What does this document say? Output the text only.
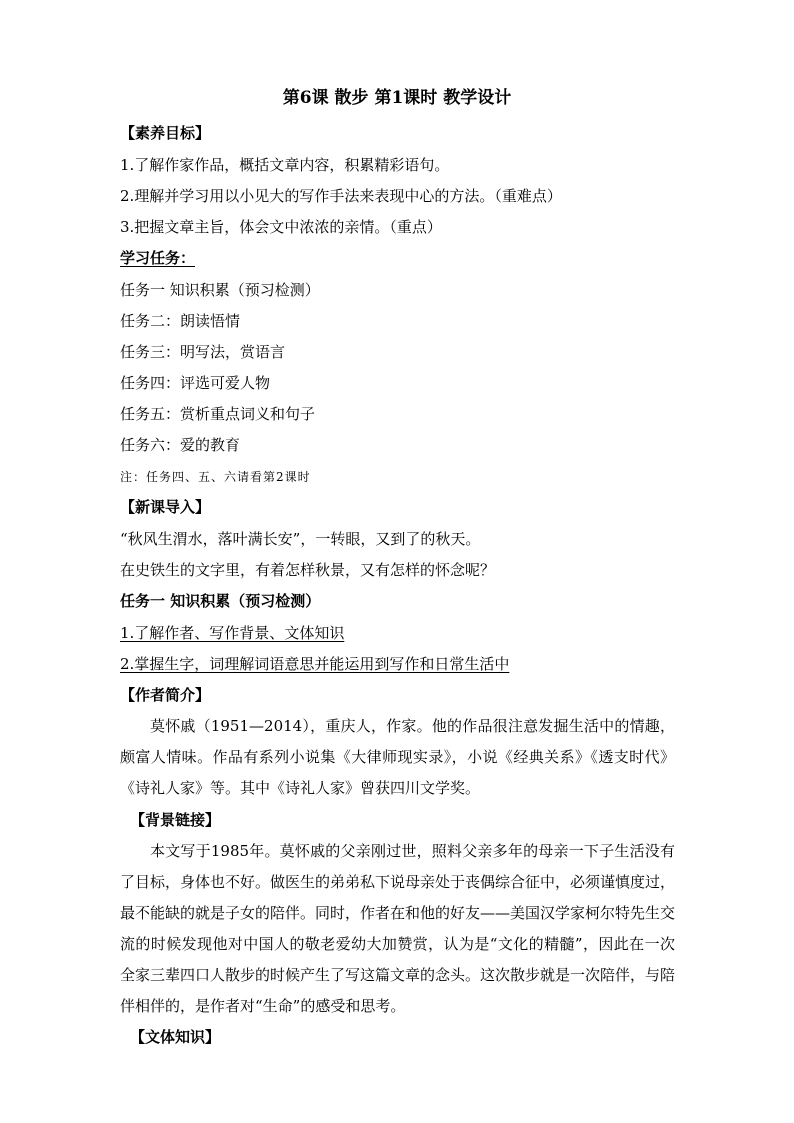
第6课 散步 第1课时 教学设计
【素养目标】
1.了解作家作品，概括文章内容，积累精彩语句。
2.理解并学习用以小见大的写作手法来表现中心的方法。（重难点）
3.把握文章主旨，体会文中浓浓的亲情。（重点）
学习任务：
任务一 知识积累（预习检测）
任务二：朗读悟情
任务三：明写法，赏语言
任务四：评选可爱人物
任务五：赏析重点词义和句子
任务六：爱的教育
注：任务四、五、六请看第2课时
【新课导入】
“秋风生渭水，落叶满长安”，一转眼，又到了的秋天。
在史铁生的文字里，有着怎样秋景，又有怎样的怀念呢？
任务一 知识积累（预习检测）
1.了解作者、写作背景、文体知识
2.掌握生字，词理解词语意思并能运用到写作和日常生活中
【作者简介】

莫怀戚（1951—2014），重庆人，作家。他的作品很注意发掘生活中的情趣，颇富人情味。作品有系列小说集《大律师现实录》，小说《经典关系》《透支时代》《诗礼人家》等。其中《诗礼人家》曾获四川文学奖。

【背景链接】

本文写于1985年。莫怀戚的父亲刚过世，照料父亲多年的母亲一下子生活没有了目标，身体也不好。做医生的弟弟私下说母亲处于丧偶综合征中，必须谨慎度过，最不能缺的就是子女的陪伴。同时，作者在和他的好友——美国汉学家柯尔特先生交流的时候发现他对中国人的敬老爱幼大加赞赏，认为是“文化的精髓”，因此在一次全家三辈四口人散步的时候产生了写这篇文章的念头。这次散步就是一次陪伴，与陪伴相伴的，是作者对“生命”的感受和思考。

【文体知识】
